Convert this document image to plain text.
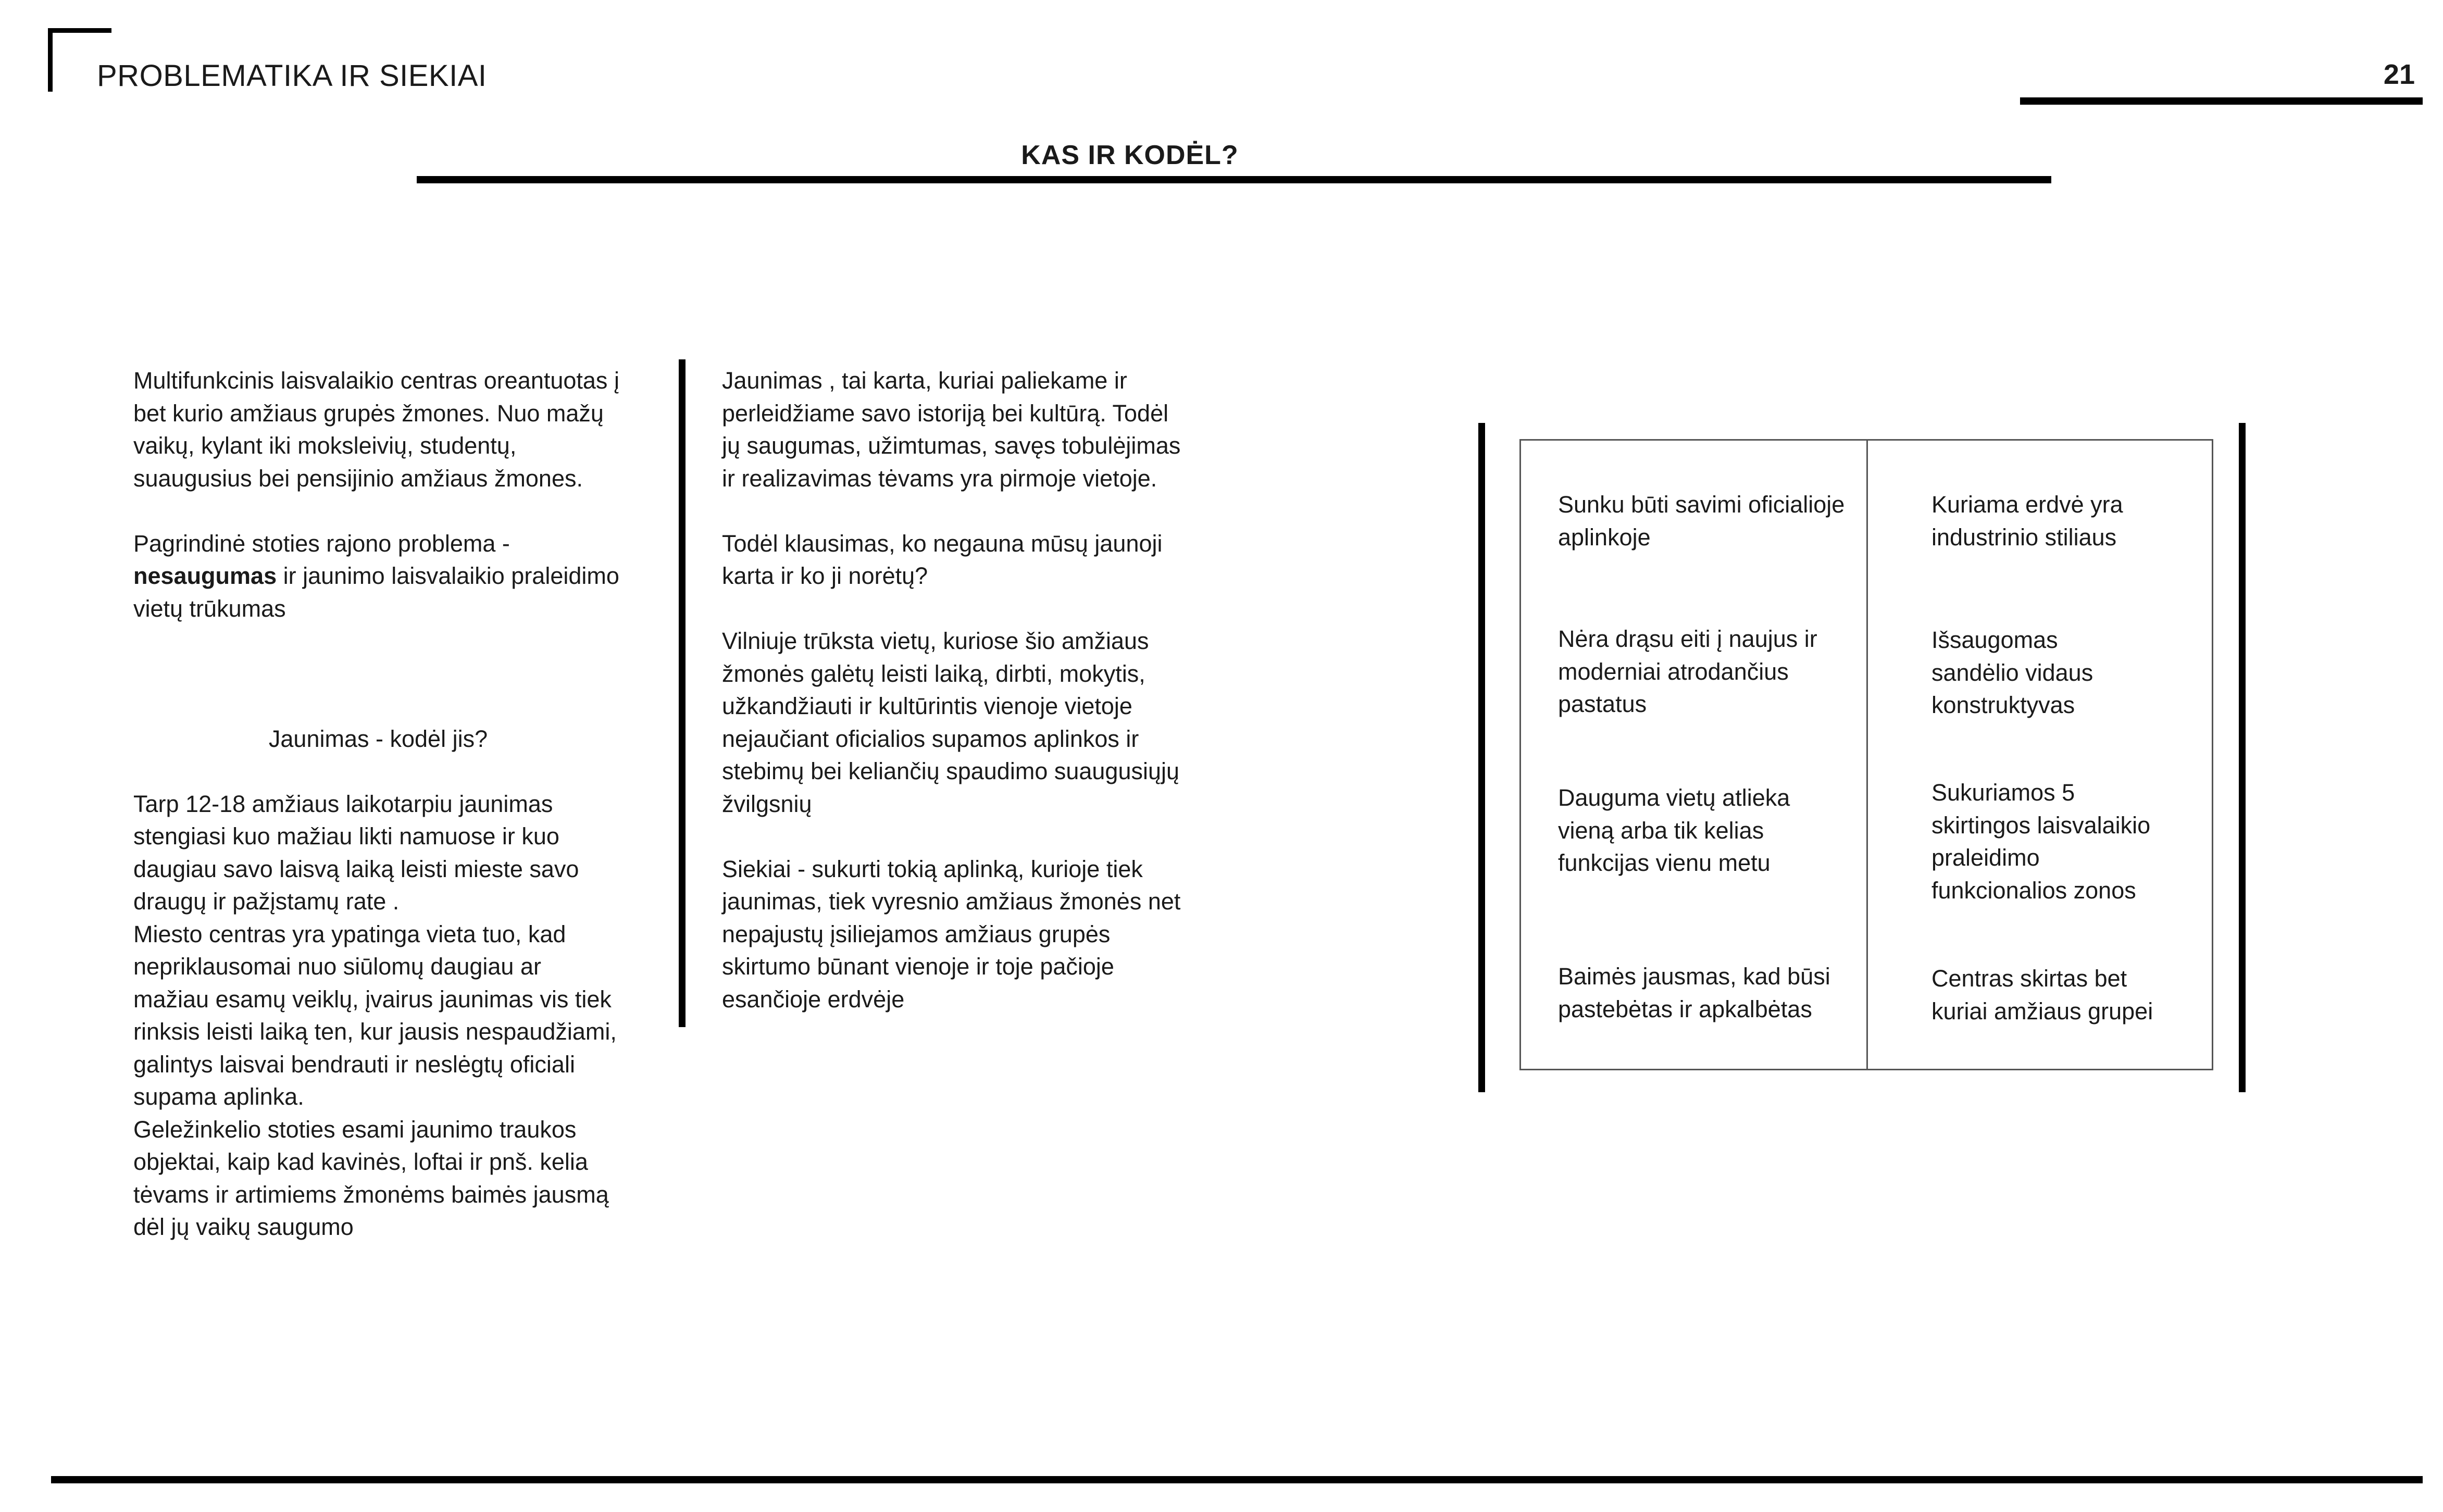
PROBLEMATIKA IR SIEKIAI	21
KAS IR KODĖL?

Multifunkcinis laisvalaikio centras oreantuotas į bet kurio amžiaus grupės žmones. Nuo mažų vaikų, kylant iki moksleivių, studentų, suaugusius bei pensijinio amžiaus žmones.

Pagrindinė stoties rajono problema -
nesaugumas ir jaunimo laisvalaikio praleidimo vietų trūkumas

Jaunimas - kodėl jis?

Tarp 12-18 amžiaus laikotarpiu jaunimas stengiasi kuo mažiau likti namuose ir kuo daugiau savo laisvą laiką leisti mieste savo draugų ir pažįstamų rate .

Miesto centras yra ypatinga vieta tuo, kad nepriklausomai nuo siūlomų daugiau ar mažiau esamų veiklų, įvairus jaunimas vis tiek rinksis leisti laiką ten, kur jausis nespaudžiami, galintys laisvai bendrauti ir neslėgtų oficiali supama aplinka.

Geležinkelio stoties esami jaunimo traukos objektai, kaip kad kavinės, loftai ir pnš. kelia tėvams ir artimiems žmonėms baimės jausmą dėl jų vaikų saugumo

Jaunimas , tai karta, kuriai paliekame ir perleidžiame savo istoriją bei kultūrą. Todėl jų saugumas, užimtumas, savęs tobulėjimas ir realizavimas tėvams yra pirmoje vietoje.

Todėl klausimas, ko negauna mūsų jaunoji karta ir ko ji norėtų?

Vilniuje trūksta vietų, kuriose šio amžiaus žmonės galėtų leisti laiką, dirbti, mokytis, užkandžiauti ir kultūrintis vienoje vietoje nejaučiant oficialios supamos aplinkos ir stebimų bei keliančių spaudimo suaugusiųjų žvilgsnių

Siekiai - sukurti tokią aplinką, kurioje tiek jaunimas, tiek vyresnio amžiaus žmonės net nepajustų įsiliejamos amžiaus grupės skirtumo būnant vienoje ir toje pačioje esančioje erdvėje

Sunku būti savimi oficialioje aplinkoje
Nėra drąsu eiti į naujus ir moderniai atrodančius pastatus
Dauguma vietų atlieka vieną arba tik kelias funkcijas vienu metu
Baimės jausmas, kad būsi pastebėtas ir apkalbėtas
Kuriama erdvė yra industrinio stiliaus
Išsaugomas sandėlio vidaus konstruktyvas
Sukuriamos 5 skirtingos laisvalaikio praleidimo funkcionalios zonos
Centras skirtas bet kuriai amžiaus grupei
